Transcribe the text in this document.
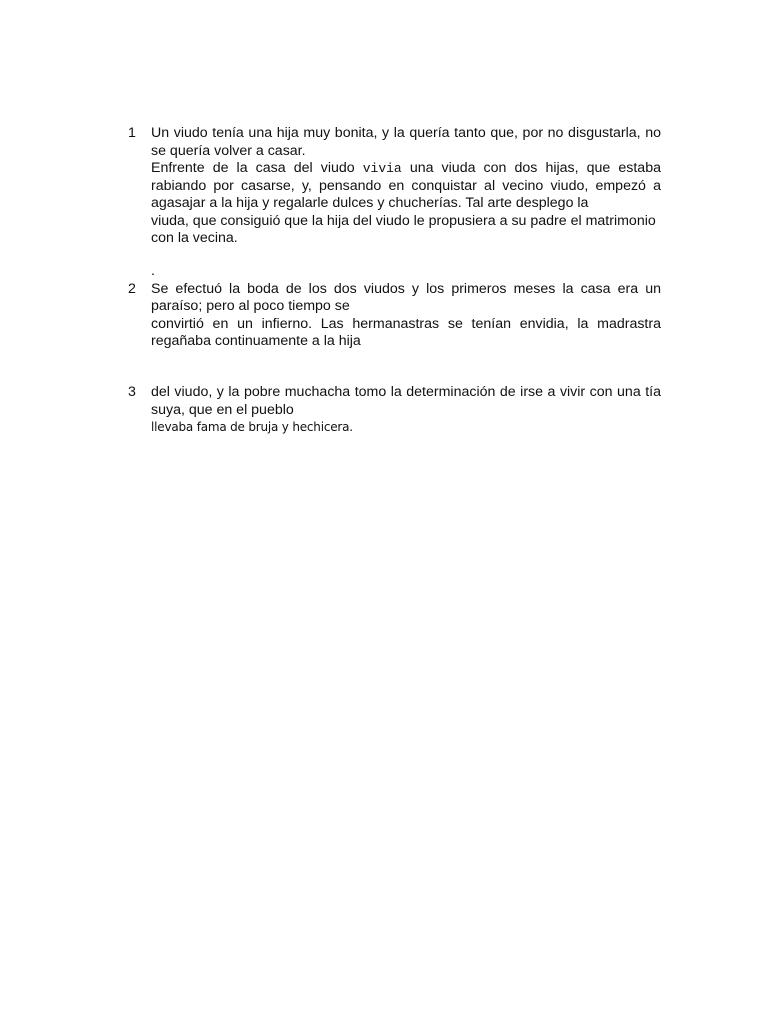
1	Un viudo tenía una hija muy bonita, y la quería tanto que, por no disgustarla, no
se quería volver a casar.
Enfrente de la casa del viudo vivia una viuda con dos hijas, que estaba
rabiando por casarse, y, pensando en conquistar al vecino viudo, empezó a
agasajar a la hija y regalarle dulces y chucherías. Tal arte desplego la
viuda, que consiguió que la hija del viudo le propusiera a su padre el matrimonio
con la vecina.
.
2	Se efectuó la boda de los dos viudos y los primeros meses la casa era un
paraíso; pero al poco tiempo se
convirtió en un infierno. Las hermanastras se tenían envidia, la madrastra
regañaba continuamente a la hija
3	del viudo, y la pobre muchacha tomo la determinación de irse a vivir con una tía
suya, que en el pueblo
llevaba fama de bruja y hechicera.
